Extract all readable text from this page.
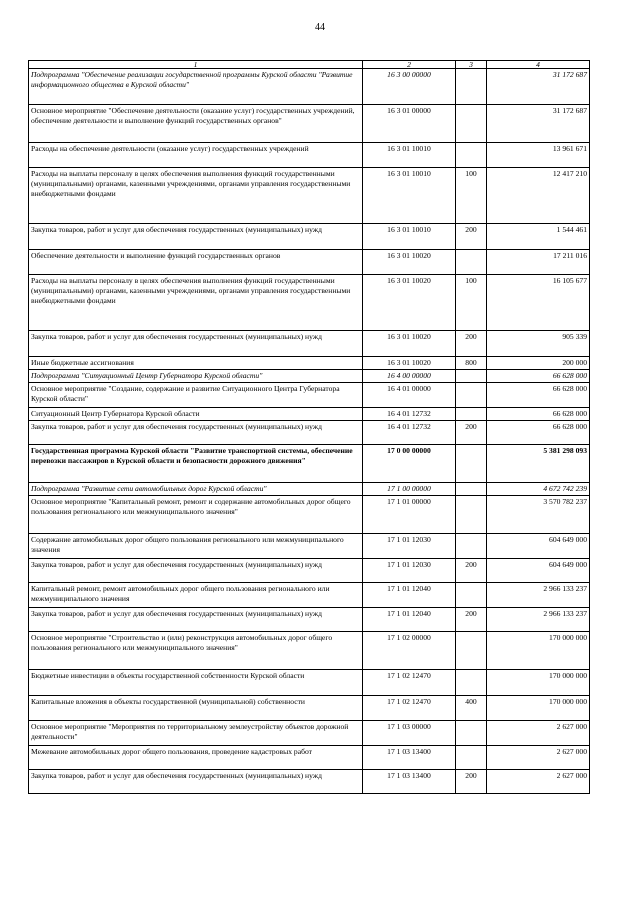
44
1	2	3	4
Подпрограмма "Обеспечение реализации государственной программы Курской области "Развитие информационного общества в Курской области"	16 3 00 00000		31 172 687
Основное мероприятие "Обеспечение деятельности (оказание услуг) государственных учреждений, обеспечение деятельности и выполнение функций государственных органов"	16 3 01 00000		31 172 687
Расходы на обеспечение деятельности (оказание услуг) государственных учреждений	16 3 01 10010		13 961 671
Расходы на выплаты персоналу в целях обеспечения выполнения функций государственными (муниципальными) органами, казенными учреждениями, органами управления государственными внебюджетными фондами	16 3 01 10010	100	12 417 210
Закупка товаров, работ и услуг для обеспечения государственных (муниципальных) нужд	16 3 01 10010	200	1 544 461
Обеспечение деятельности и выполнение функций государственных органов	16 3 01 10020		17 211 016
Расходы на выплаты персоналу в целях обеспечения выполнения функций государственными (муниципальными) органами, казенными учреждениями, органами управления государственными внебюджетными фондами	16 3 01 10020	100	16 105 677
Закупка товаров, работ и услуг для обеспечения государственных (муниципальных) нужд	16 3 01 10020	200	905 339
Иные бюджетные ассигнования	16 3 01 10020	800	200 000
Подпрограмма "Ситуационный Центр Губернатора Курской области"	16 4 00 00000		66 628 000
Основное мероприятие "Создание, содержание и развитие Ситуационного Центра Губернатора Курской области"	16 4 01 00000		66 628 000
Ситуационный Центр Губернатора Курской области	16 4 01 12732		66 628 000
Закупка товаров, работ и услуг для обеспечения государственных (муниципальных) нужд	16 4 01 12732	200	66 628 000
Государственная программа Курской области "Развитие транспортной системы, обеспечение перевозки пассажиров в Курской области и безопасности дорожного движения"	17 0 00 00000		5 381 298 093
Подпрограмма "Развитие сети автомобильных дорог Курской области"	17 1 00 00000		4 672 742 239
Основное мероприятие "Капитальный ремонт, ремонт и содержание автомобильных дорог общего пользования регионального или межмуниципального значения"	17 1 01 00000		3 570 782 237
Содержание автомобильных дорог общего пользования регионального или межмуниципального значения	17 1 01 12030		604 649 000
Закупка товаров, работ и услуг для обеспечения государственных (муниципальных) нужд	17 1 01 12030	200	604 649 000
Капитальный ремонт, ремонт автомобильных дорог общего пользования регионального или межмуниципального значения	17 1 01 12040		2 966 133 237
Закупка товаров, работ и услуг для обеспечения государственных (муниципальных) нужд	17 1 01 12040	200	2 966 133 237
Основное мероприятие "Строительство и (или) реконструкция автомобильных дорог общего пользования регионального или межмуниципального значения"	17 1 02 00000		170 000 000
Бюджетные инвестиции в объекты государственной собственности Курской области	17 1 02 12470		170 000 000
Капитальные вложения в объекты государственной (муниципальной) собственности	17 1 02 12470	400	170 000 000
Основное мероприятие "Мероприятия по территориальному землеустройству объектов дорожной деятельности"	17 1 03 00000		2 627 000
Межевание автомобильных дорог общего пользования, проведение кадастровых работ	17 1 03 13400		2 627 000
Закупка товаров, работ и услуг для обеспечения государственных (муниципальных) нужд	17 1 03 13400	200	2 627 000
